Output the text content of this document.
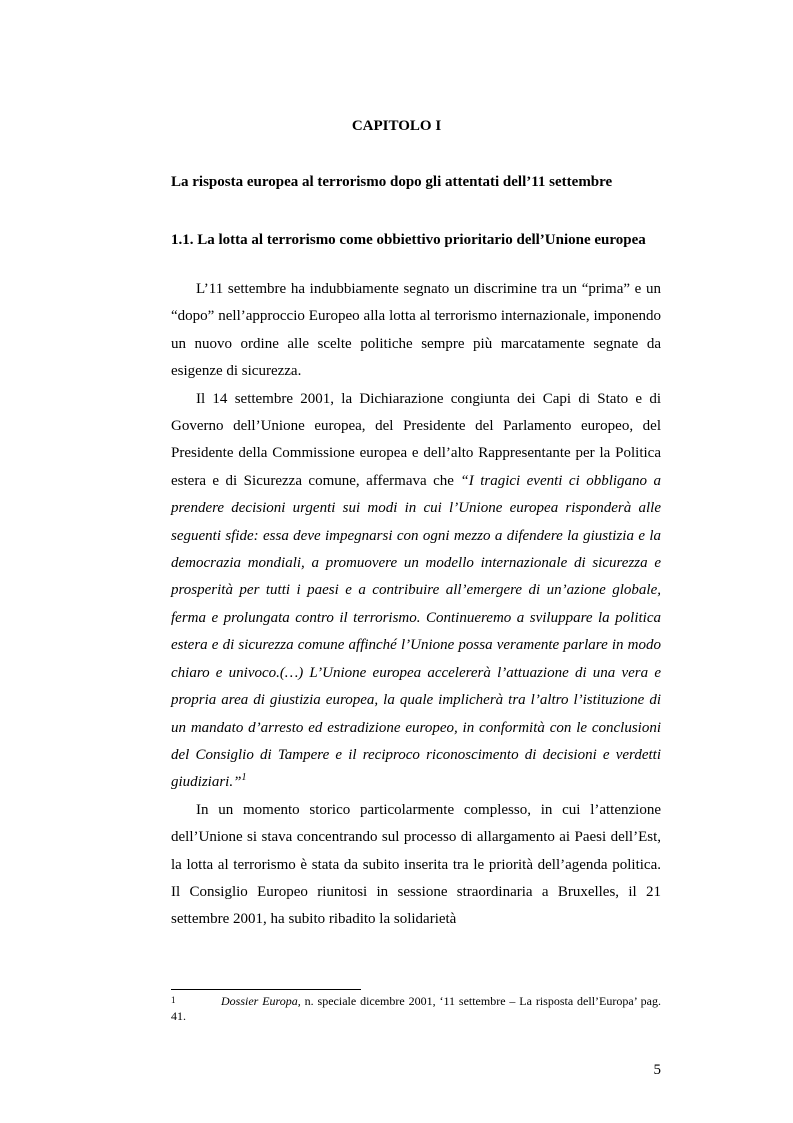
CAPITOLO I
La risposta europea al terrorismo dopo gli attentati dell’11 settembre
1.1. La lotta al terrorismo come obbiettivo prioritario dell’Unione europea

L’11 settembre ha indubbiamente segnato un discrimine tra un “prima” e un “dopo” nell’approccio Europeo alla lotta al terrorismo internazionale, imponendo un nuovo ordine alle scelte politiche sempre più marcatamente segnate da esigenze di sicurezza.

Il 14 settembre 2001, la Dichiarazione congiunta dei Capi di Stato e di Governo dell’Unione europea, del Presidente del Parlamento europeo, del Presidente della Commissione europea e dell’alto Rappresentante per la Politica estera e di Sicurezza comune, affermava che “I tragici eventi ci obbligano a prendere decisioni urgenti sui modi in cui l’Unione europea risponderà alle seguenti sfide: essa deve impegnarsi con ogni mezzo a difendere la giustizia e la democrazia mondiali, a promuovere un modello internazionale di sicurezza e prosperità per tutti i paesi e a contribuire all’emergere di un’azione globale, ferma e prolungata contro il terrorismo. Continueremo a sviluppare la politica estera e di sicurezza comune affinché l’Unione possa veramente parlare in modo chiaro e univoco.(…) L’Unione europea accelererà l’attuazione di una vera e propria area di giustizia europea, la quale implicherà tra l’altro l’istituzione di un mandato d’arresto ed estradizione europeo, in conformità con le conclusioni del Consiglio di Tampere e il reciproco riconoscimento di decisioni e verdetti giudiziari.”$^1$

In un momento storico particolarmente complesso, in cui l’attenzione dell’Unione si stava concentrando sul processo di allargamento ai Paesi dell’Est, la lotta al terrorismo è stata da subito inserita tra le priorità dell’agenda politica. Il Consiglio Europeo riunitosi in sessione straordinaria a Bruxelles, il 21 settembre 2001, ha subito ribadito la solidarietà

1	Dossier Europa, n. speciale dicembre 2001, ‘11 settembre – La risposta dell’Europa’ pag. 41.
5
